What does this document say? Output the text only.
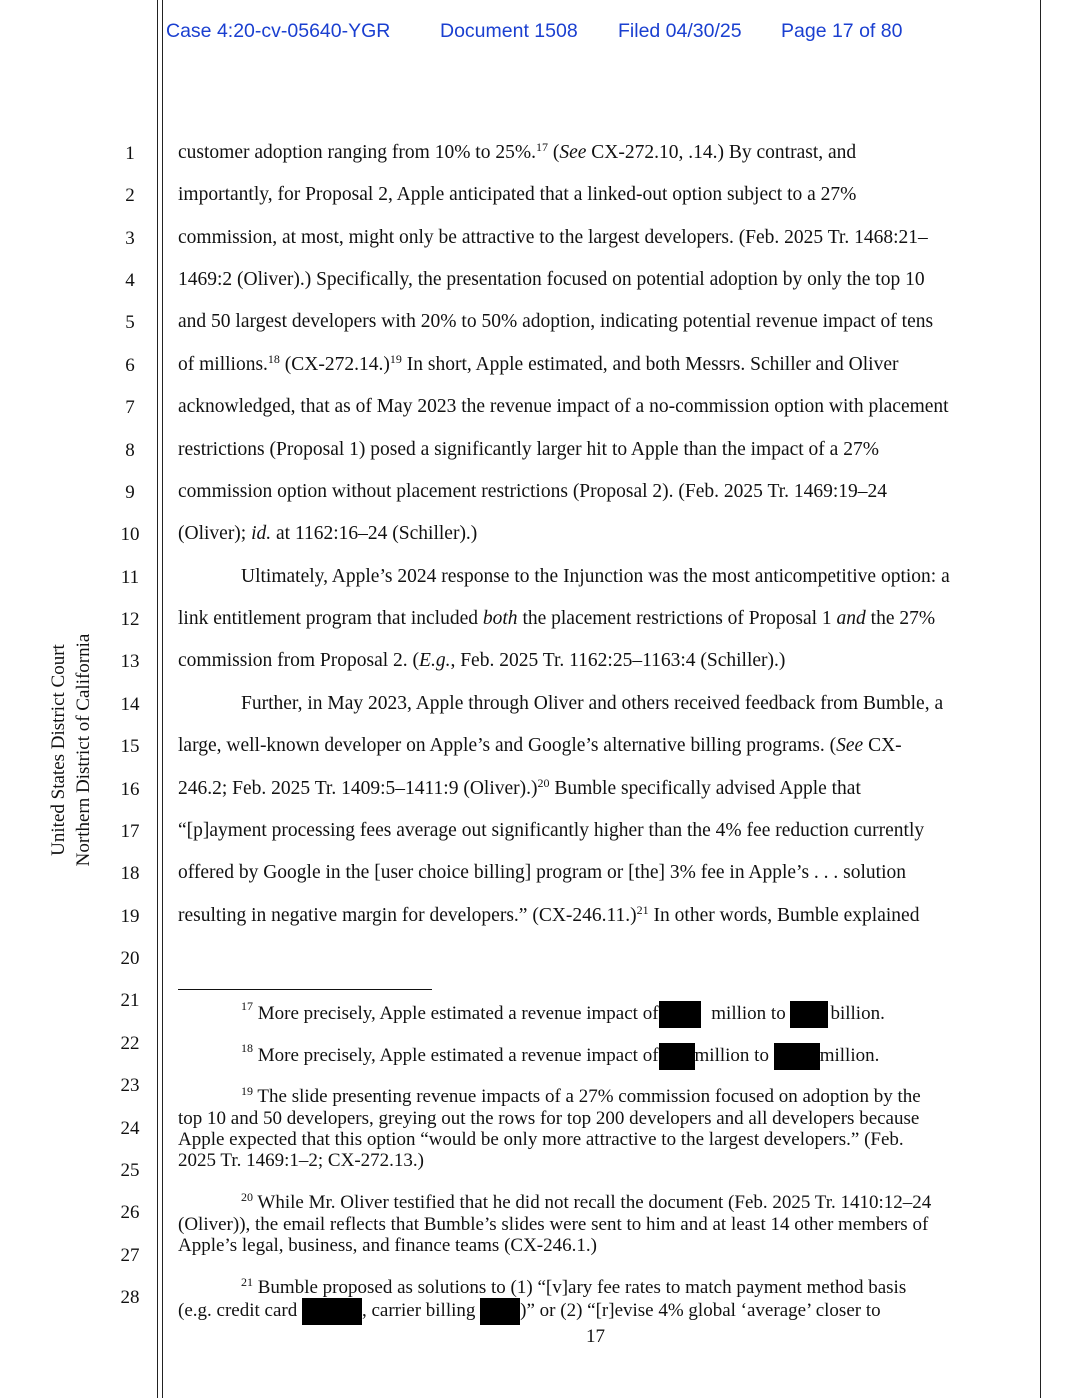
Case 4:20-cv-05640-YGR	Document 1508 Filed 04/30/25 Page 17 of 80
United States District Court Northern District of California
1
2
3
4
5
6
7
8
9
10
11
12
13
14
15
16
17
18
19
20
21
22
23
24
25
26
27
28
customer adoption ranging from 10% to 25%.$^{17}$ (See CX-272.10, .14.) By contrast, and
importantly, for Proposal 2, Apple anticipated that a linked-out option subject to a 27%
commission, at most, might only be attractive to the largest developers. (Feb. 2025 Tr. 1468:21–
1469:2 (Oliver).) Specifically, the presentation focused on potential adoption by only the top 10
and 50 largest developers with 20% to 50% adoption, indicating potential revenue impact of tens
of millions.$^{18}$ $(CX-272.14.)^{19}$ In short, Apple estimated, and both Messrs. Schiller and Oliver
acknowledged, that as of May 2023 the revenue impact of a no-commission option with placement
restrictions (Proposal 1) posed a significantly larger hit to Apple than the impact of a 27%
commission option without placement restrictions (Proposal 2). (Feb. 2025 Tr. 1469:19–24
(Oliver); id. at 1162:16–24 (Schiller).)
Ultimately, Apple’s 2024 response to the Injunction was the most anticompetitive option: a
link entitlement program that included both the placement restrictions of Proposal 1 and the 27%
commission from Proposal 2. (E.g., Feb. 2025 Tr. 1162:25–1163:4 (Schiller).)
Further, in May 2023, Apple through Oliver and others received feedback from Bumble, a
large, well-known developer on Apple’s and Google’s alternative billing programs. (See CX-
246.2; Feb. 2025 Tr. 1409:5–1411:9 (Oliver).)$^{20}$ Bumble specifically advised Apple that
“[p]ayment processing fees average out significantly higher than the 4% fee reduction currently
offered by Google in the [user choice billing] program or [the] 3% fee in Apple’s . . . solution
resulting in negative margin for developers.” $(CX-246.11.)^{21}$ In other words, Bumble explained
$^{17}$ More precisely, Apple estimated a revenue impact of	million to billion.
$^{18}$ More precisely, Apple estimated a revenue impact of million to million.
$^{19}$ The slide presenting revenue impacts of a 27% commission focused on adoption by the
top 10 and 50 developers, greying out the rows for top 200 developers and all developers because
Apple expected that this option “would be only more attractive to the largest developers.” (Feb.
2025 Tr. 1469:1–2; CX-272.13.)
$^{20}$ While Mr. Oliver testified that he did not recall the document (Feb. 2025 Tr. 1410:12–24
(Oliver)), the email reflects that Bumble’s slides were sent to him and at least 14 other members of
Apple’s legal, business, and finance teams (CX-246.1.)
$^{21}$ Bumble proposed as solutions to (1) “[v]ary fee rates to match payment method basis
(e.g. credit card	, carrier billing )” or (2) “[r]evise 4% global ‘average’ closer to
17
